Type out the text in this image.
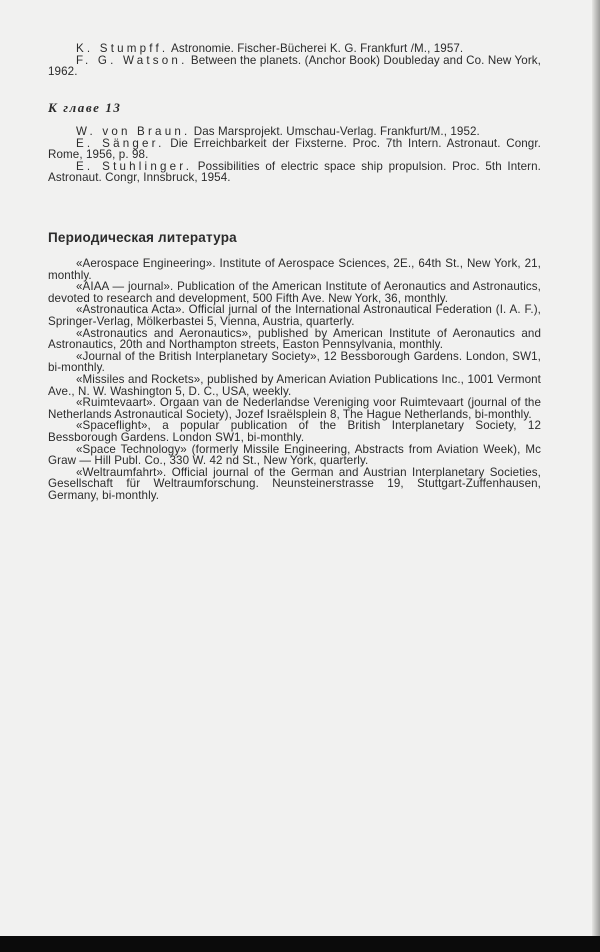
K. Stumpff. Astronomie. Fischer-Bücherei K. G. Frankfurt /M., 1957.

F. G. Watson. Between the planets. (Anchor Book) Doubleday and Co. New York, 1962.

К главе 13

W. von Braun. Das Marsprojekt. Umschau-Verlag. Frankfurt/M., 1952.

E. Sänger. Die Erreichbarkeit der Fixsterne. Proc. 7th Intern. Astronaut. Congr. Rome, 1956, p. 98.

E. Stuhlinger. Possibilities of electric space ship propulsion. Proc. 5th Intern. Astronaut. Congr, Innsbruck, 1954.

Периодическая литература

«Aerospace Engineering». Institute of Aerospace Sciences, 2E., 64th St., New York, 21, monthly.

«AIAA — journal». Publication of the American Institute of Aeronautics and Astronautics, devoted to research and development, 500 Fifth Ave. New York, 36, monthly.

«Astronautica Acta». Official jurnal of the International Astronautical Federation (I. A. F.), Springer-Verlag, Mölkerbastei 5, Vienna, Austria, quarterly.

«Astronautics and Aeronautics», published by American Institute of Aeronautics and Astronautics, 20th and Northampton streets, Easton Pennsylvania, monthly.

«Journal of the British Interplanetary Society», 12 Bessborough Gardens. London, SW1, bi-monthly.

«Missiles and Rockets», published by American Aviation Publications Inc., 1001 Vermont Ave., N. W. Washington 5, D. C., USA, weekly.

«Ruimtevaart». Orgaan van de Nederlandse Vereniging voor Ruimtevaart (journal of the Netherlands Astronautical Society), Jozef Israëlsplein 8, The Hague Netherlands, bi-monthly.

«Spaceflight», a popular publication of the British Interplanetary Society, 12 Bessborough Gardens. London SW1, bi-monthly.

«Space Technology» (formerly Missile Engineering, Abstracts from Aviation Week), Mc Graw — Hill Publ. Co., 330 W. 42 nd St., New York, quarterly.

«Weltraumfahrt». Official journal of the German and Austrian Interplanetary Societies, Gesellschaft für Weltraumforschung. Neunsteinerstrasse 19, Stuttgart-Zuffenhausen, Germany, bi-monthly.
